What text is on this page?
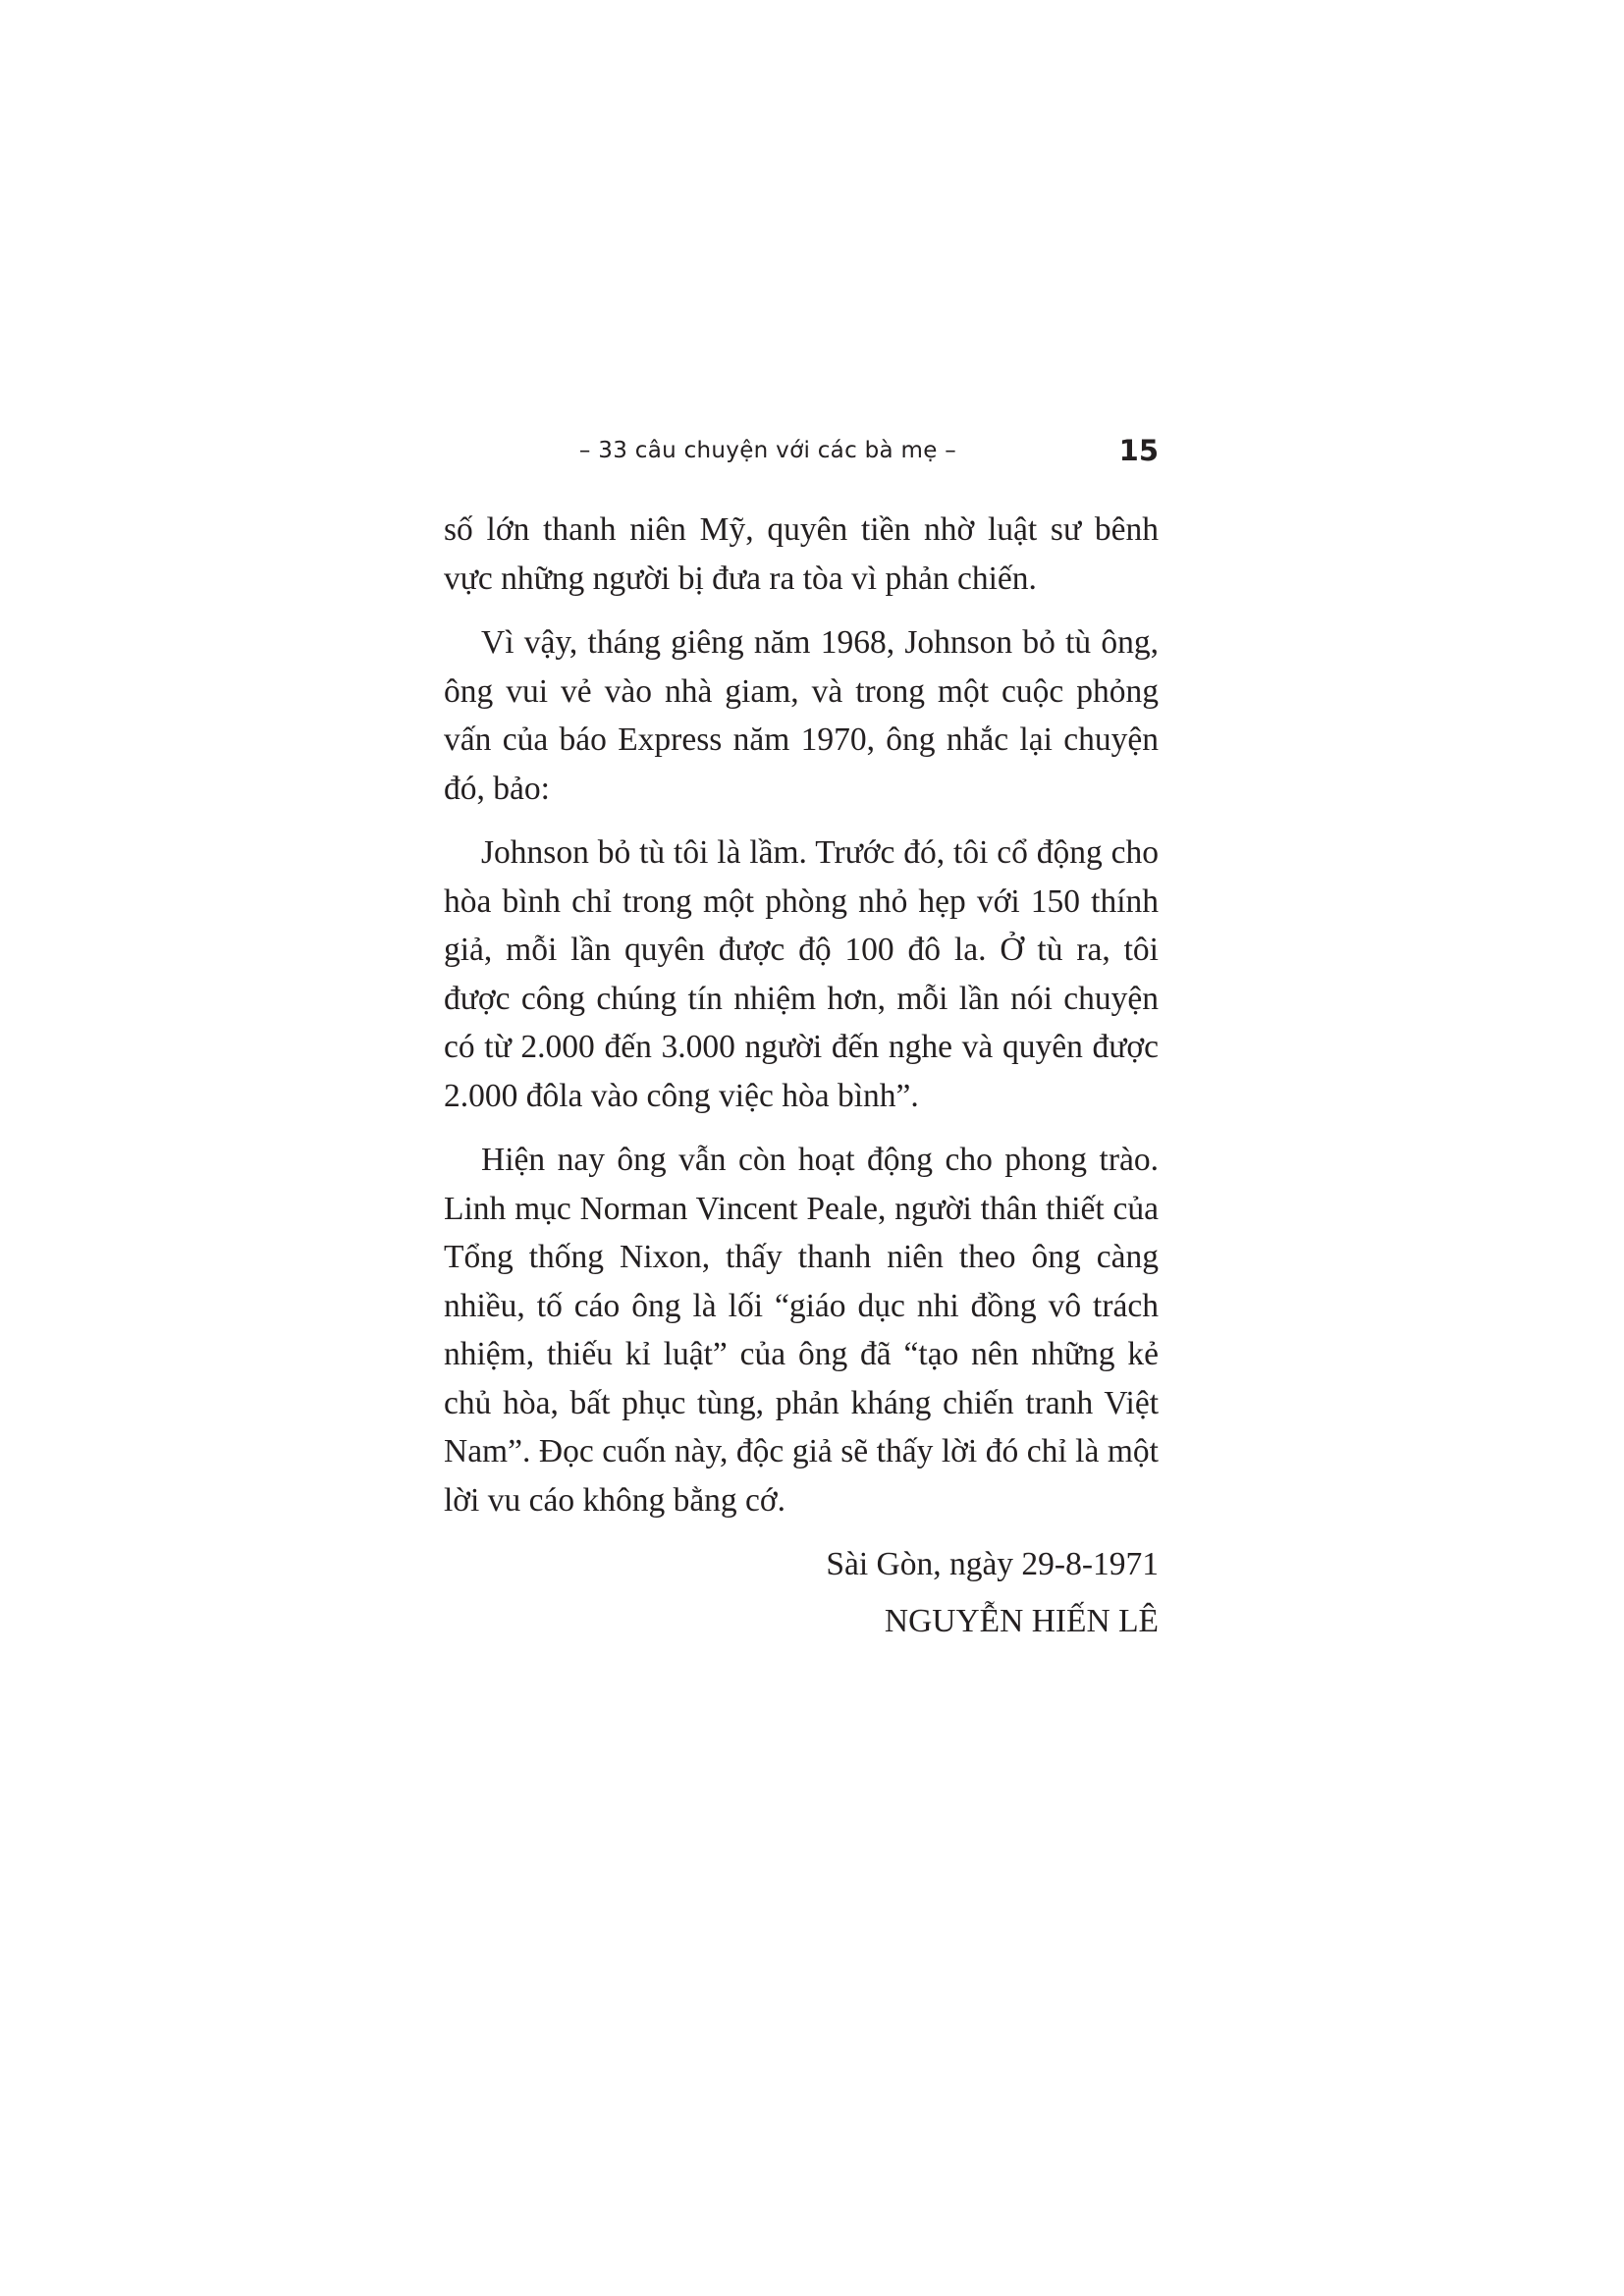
– 33 câu chuyện với các bà mẹ –	15

số lớn thanh niên Mỹ, quyên tiền nhờ luật sư bênh vực những người bị đưa ra tòa vì phản chiến.

Vì vậy, tháng giêng năm 1968, Johnson bỏ tù ông, ông vui vẻ vào nhà giam, và trong một cuộc phỏng vấn của báo Express năm 1970, ông nhắc lại chuyện đó, bảo:

Johnson bỏ tù tôi là lầm. Trước đó, tôi cổ động cho hòa bình chỉ trong một phòng nhỏ hẹp với 150 thính giả, mỗi lần quyên được độ 100 đô la. Ở tù ra, tôi được công chúng tín nhiệm hơn, mỗi lần nói chuyện có từ 2.000 đến 3.000 người đến nghe và quyên được 2.000 đôla vào công việc hòa bình”.

Hiện nay ông vẫn còn hoạt động cho phong trào. Linh mục Norman Vincent Peale, người thân thiết của Tổng thống Nixon, thấy thanh niên theo ông càng nhiều, tố cáo ông là lối “giáo dục nhi đồng vô trách nhiệm, thiếu kỉ luật” của ông đã “tạo nên những kẻ chủ hòa, bất phục tùng, phản kháng chiến tranh Việt Nam”. Đọc cuốn này, độc giả sẽ thấy lời đó chỉ là một lời vu cáo không bằng cớ.

Sài Gòn, ngày 29-8-1971

NGUYỄN HIẾN LÊ
